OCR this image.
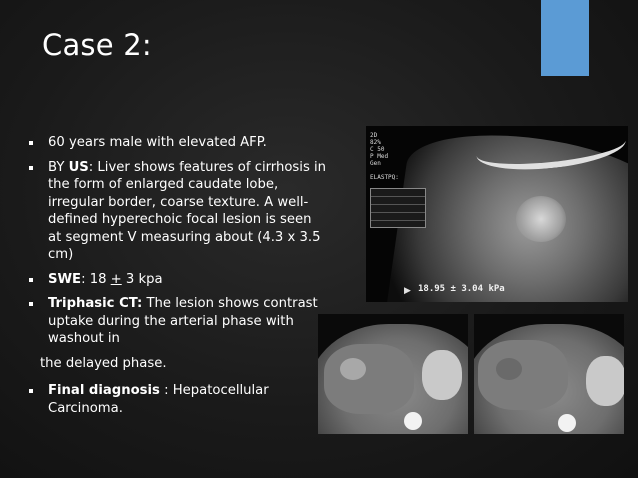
Case 2:
60 years male with elevated AFP.
BY US: Liver shows features of cirrhosis in the form of enlarged caudate lobe, irregular border, coarse texture. A well-defined hyperechoic focal lesion is seen at segment V measuring about (4.3 x 3.5 cm)
SWE: 18 + 3 kpa
Triphasic CT: The lesion shows contrast uptake during the arterial phase with washout in
the delayed phase.
Final diagnosis : Hepatocellular Carcinoma.
2D
82%
C 50
P Med
Gen
ELASTPQ:
▶ 18.95 ± 3.04 kPa
